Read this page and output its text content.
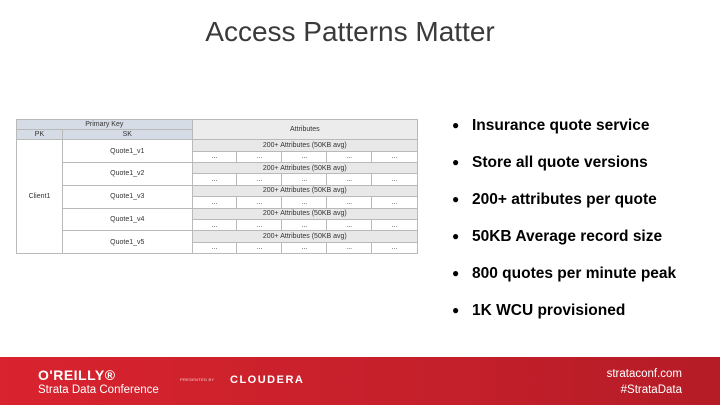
Access Patterns Matter
Primary Key		Attributes				
PK	SK					
Client1	Quote1_v1	200+ Attributes (50KB avg)				
		...	...	...	...	...
	Quote1_v2	200+ Attributes (50KB avg)				
		...	...	...	...	...
	Quote1_v3	200+ Attributes (50KB avg)				
		...	...	...	...	...
	Quote1_v4	200+ Attributes (50KB avg)				
		...	...	...	...	...
	Quote1_v5	200+ Attributes (50KB avg)				
		...	...	...	...	...
● Insurance quote service
● Store all quote versions
● 200+ attributes per quote
● 50KB Average record size
● 800 quotes per minute peak
● 1K WCU provisioned
O'REILLY®
Strata Data Conference
PRESENTED BY CLOUDERA	strataconf.com
#StrataData
